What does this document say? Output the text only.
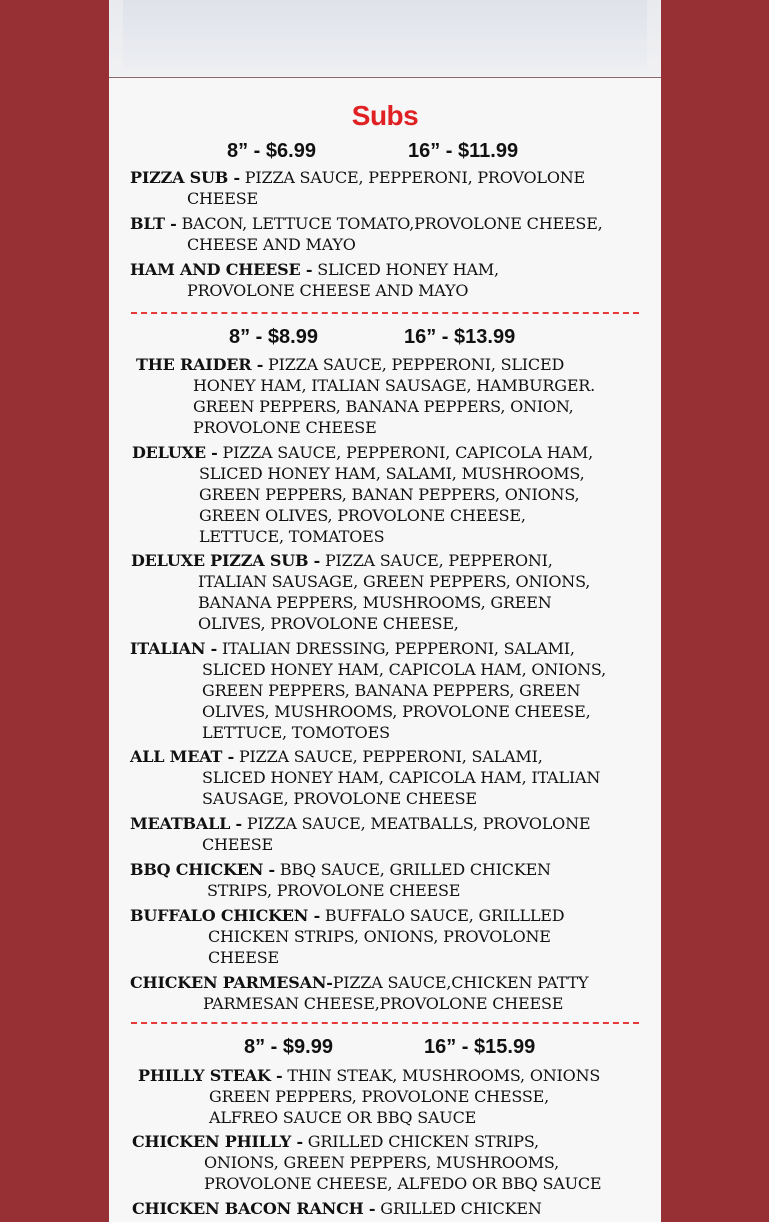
Subs
8” - $6.99	16” - $11.99
PIZZA SUB - PIZZA SAUCE, PEPPERONI, PROVOLONE
CHEESE
BLT - BACON, LETTUCE TOMATO,PROVOLONE CHEESE,
CHEESE AND MAYO
HAM AND CHEESE - SLICED HONEY HAM,
PROVOLONE CHEESE AND MAYO
8” - $8.99	16” - $13.99
THE RAIDER - PIZZA SAUCE, PEPPERONI, SLICED
HONEY HAM, ITALIAN SAUSAGE, HAMBURGER.
GREEN PEPPERS, BANANA PEPPERS, ONION,
PROVOLONE CHEESE
DELUXE - PIZZA SAUCE, PEPPERONI, CAPICOLA HAM,
SLICED HONEY HAM, SALAMI, MUSHROOMS,
GREEN PEPPERS, BANAN PEPPERS, ONIONS,
GREEN OLIVES, PROVOLONE CHEESE,
LETTUCE, TOMATOES
DELUXE PIZZA SUB - PIZZA SAUCE, PEPPERONI,
ITALIAN SAUSAGE, GREEN PEPPERS, ONIONS,
BANANA PEPPERS, MUSHROOMS, GREEN
OLIVES, PROVOLONE CHEESE,
ITALIAN - ITALIAN DRESSING, PEPPERONI, SALAMI,
SLICED HONEY HAM, CAPICOLA HAM, ONIONS,
GREEN PEPPERS, BANANA PEPPERS, GREEN
OLIVES, MUSHROOMS, PROVOLONE CHEESE,
LETTUCE, TOMOTOES
ALL MEAT - PIZZA SAUCE, PEPPERONI, SALAMI,
SLICED HONEY HAM, CAPICOLA HAM, ITALIAN
SAUSAGE, PROVOLONE CHEESE
MEATBALL - PIZZA SAUCE, MEATBALLS, PROVOLONE
CHEESE
BBQ CHICKEN - BBQ SAUCE, GRILLED CHICKEN
STRIPS, PROVOLONE CHEESE
BUFFALO CHICKEN - BUFFALO SAUCE, GRILLLED
CHICKEN STRIPS, ONIONS, PROVOLONE
CHEESE
CHICKEN PARMESAN-PIZZA SAUCE,CHICKEN PATTY
PARMESAN CHEESE,PROVOLONE CHEESE
8” - $9.99	16” - $15.99
PHILLY STEAK - THIN STEAK, MUSHROOMS, ONIONS
GREEN PEPPERS, PROVOLONE CHESSE,
ALFREO SAUCE OR BBQ SAUCE
CHICKEN PHILLY - GRILLED CHICKEN STRIPS,
ONIONS, GREEN PEPPERS, MUSHROOMS,
PROVOLONE CHEESE, ALFEDO OR BBQ SAUCE
CHICKEN BACON RANCH - GRILLED CHICKEN
